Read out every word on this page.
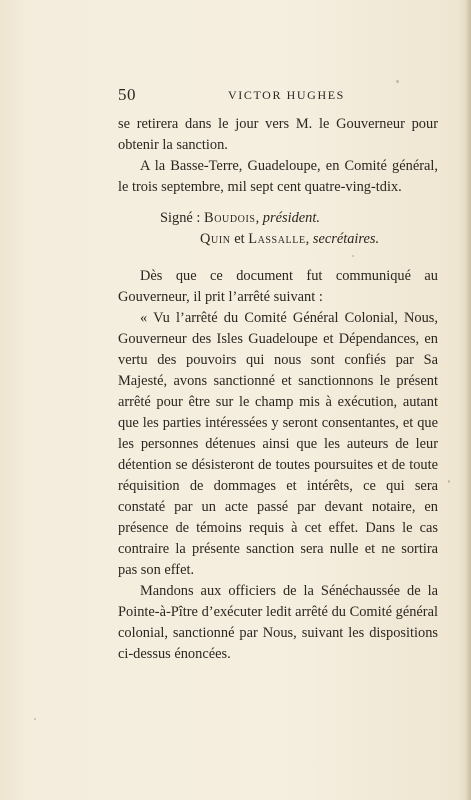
50	VICTOR HUGHES

se retirera dans le jour vers M. le Gouverneur pour obtenir la sanction.

A la Basse-Terre, Guadeloupe, en Comité général, le trois septembre, mil sept cent quatre-ving-tdix.

Signé : Boudois, président.
Quin et Lassalle, secrétaires.

Dès que ce document fut communiqué au Gouverneur, il prit l’arrêté suivant :

« Vu l’arrêté du Comité Général Colonial, Nous, Gouverneur des Isles Guadeloupe et Dépendances, en vertu des pouvoirs qui nous sont confiés par Sa Majesté, avons sanctionné et sanctionnons le présent arrêté pour être sur le champ mis à exécution, autant que les parties intéressées y seront consentantes, et que les personnes détenues ainsi que les auteurs de leur détention se désisteront de toutes poursuites et de toute réquisition de dommages et intérêts, ce qui sera constaté par un acte passé par devant notaire, en présence de témoins requis à cet effet. Dans le cas contraire la présente sanction sera nulle et ne sortira pas son effet.

Mandons aux officiers de la Sénéchaussée de la Pointe-à-Pître d’exécuter ledit arrêté du Comité général colonial, sanctionné par Nous, suivant les dispositions ci-dessus énoncées.
